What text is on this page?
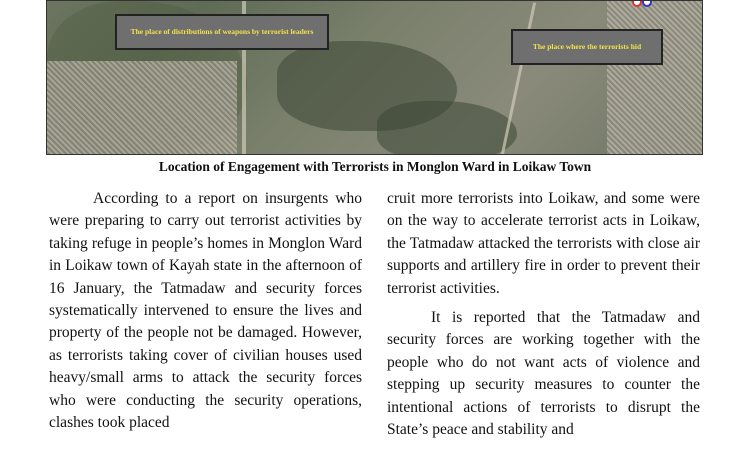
The place of distributions of weapons by terrorist leaders
The place where the terrorists hid
Location of Engagement with Terrorists in Monglon Ward in Loikaw Town

According to a report on insurgents who were preparing to carry out terrorist activities by taking refuge in people’s homes in Monglon Ward in Loikaw town of Kayah state in the afternoon of 16 January, the Tatmadaw and security forces systematically intervened to ensure the lives and property of the people not be damaged. However, as terrorists taking cover of civilian houses used heavy/small arms to attack the security forces who were conducting the security operations, clashes took placed

cruit more terrorists into Loikaw, and some were on the way to accelerate terrorist acts in Loikaw, the Tatmadaw attacked the terrorists with close air supports and artillery fire in order to prevent their terrorist activities.

It is reported that the Tatmadaw and security forces are working together with the people who do not want acts of violence and stepping up security measures to counter the intentional actions of terrorists to disrupt the State’s peace and stability and
